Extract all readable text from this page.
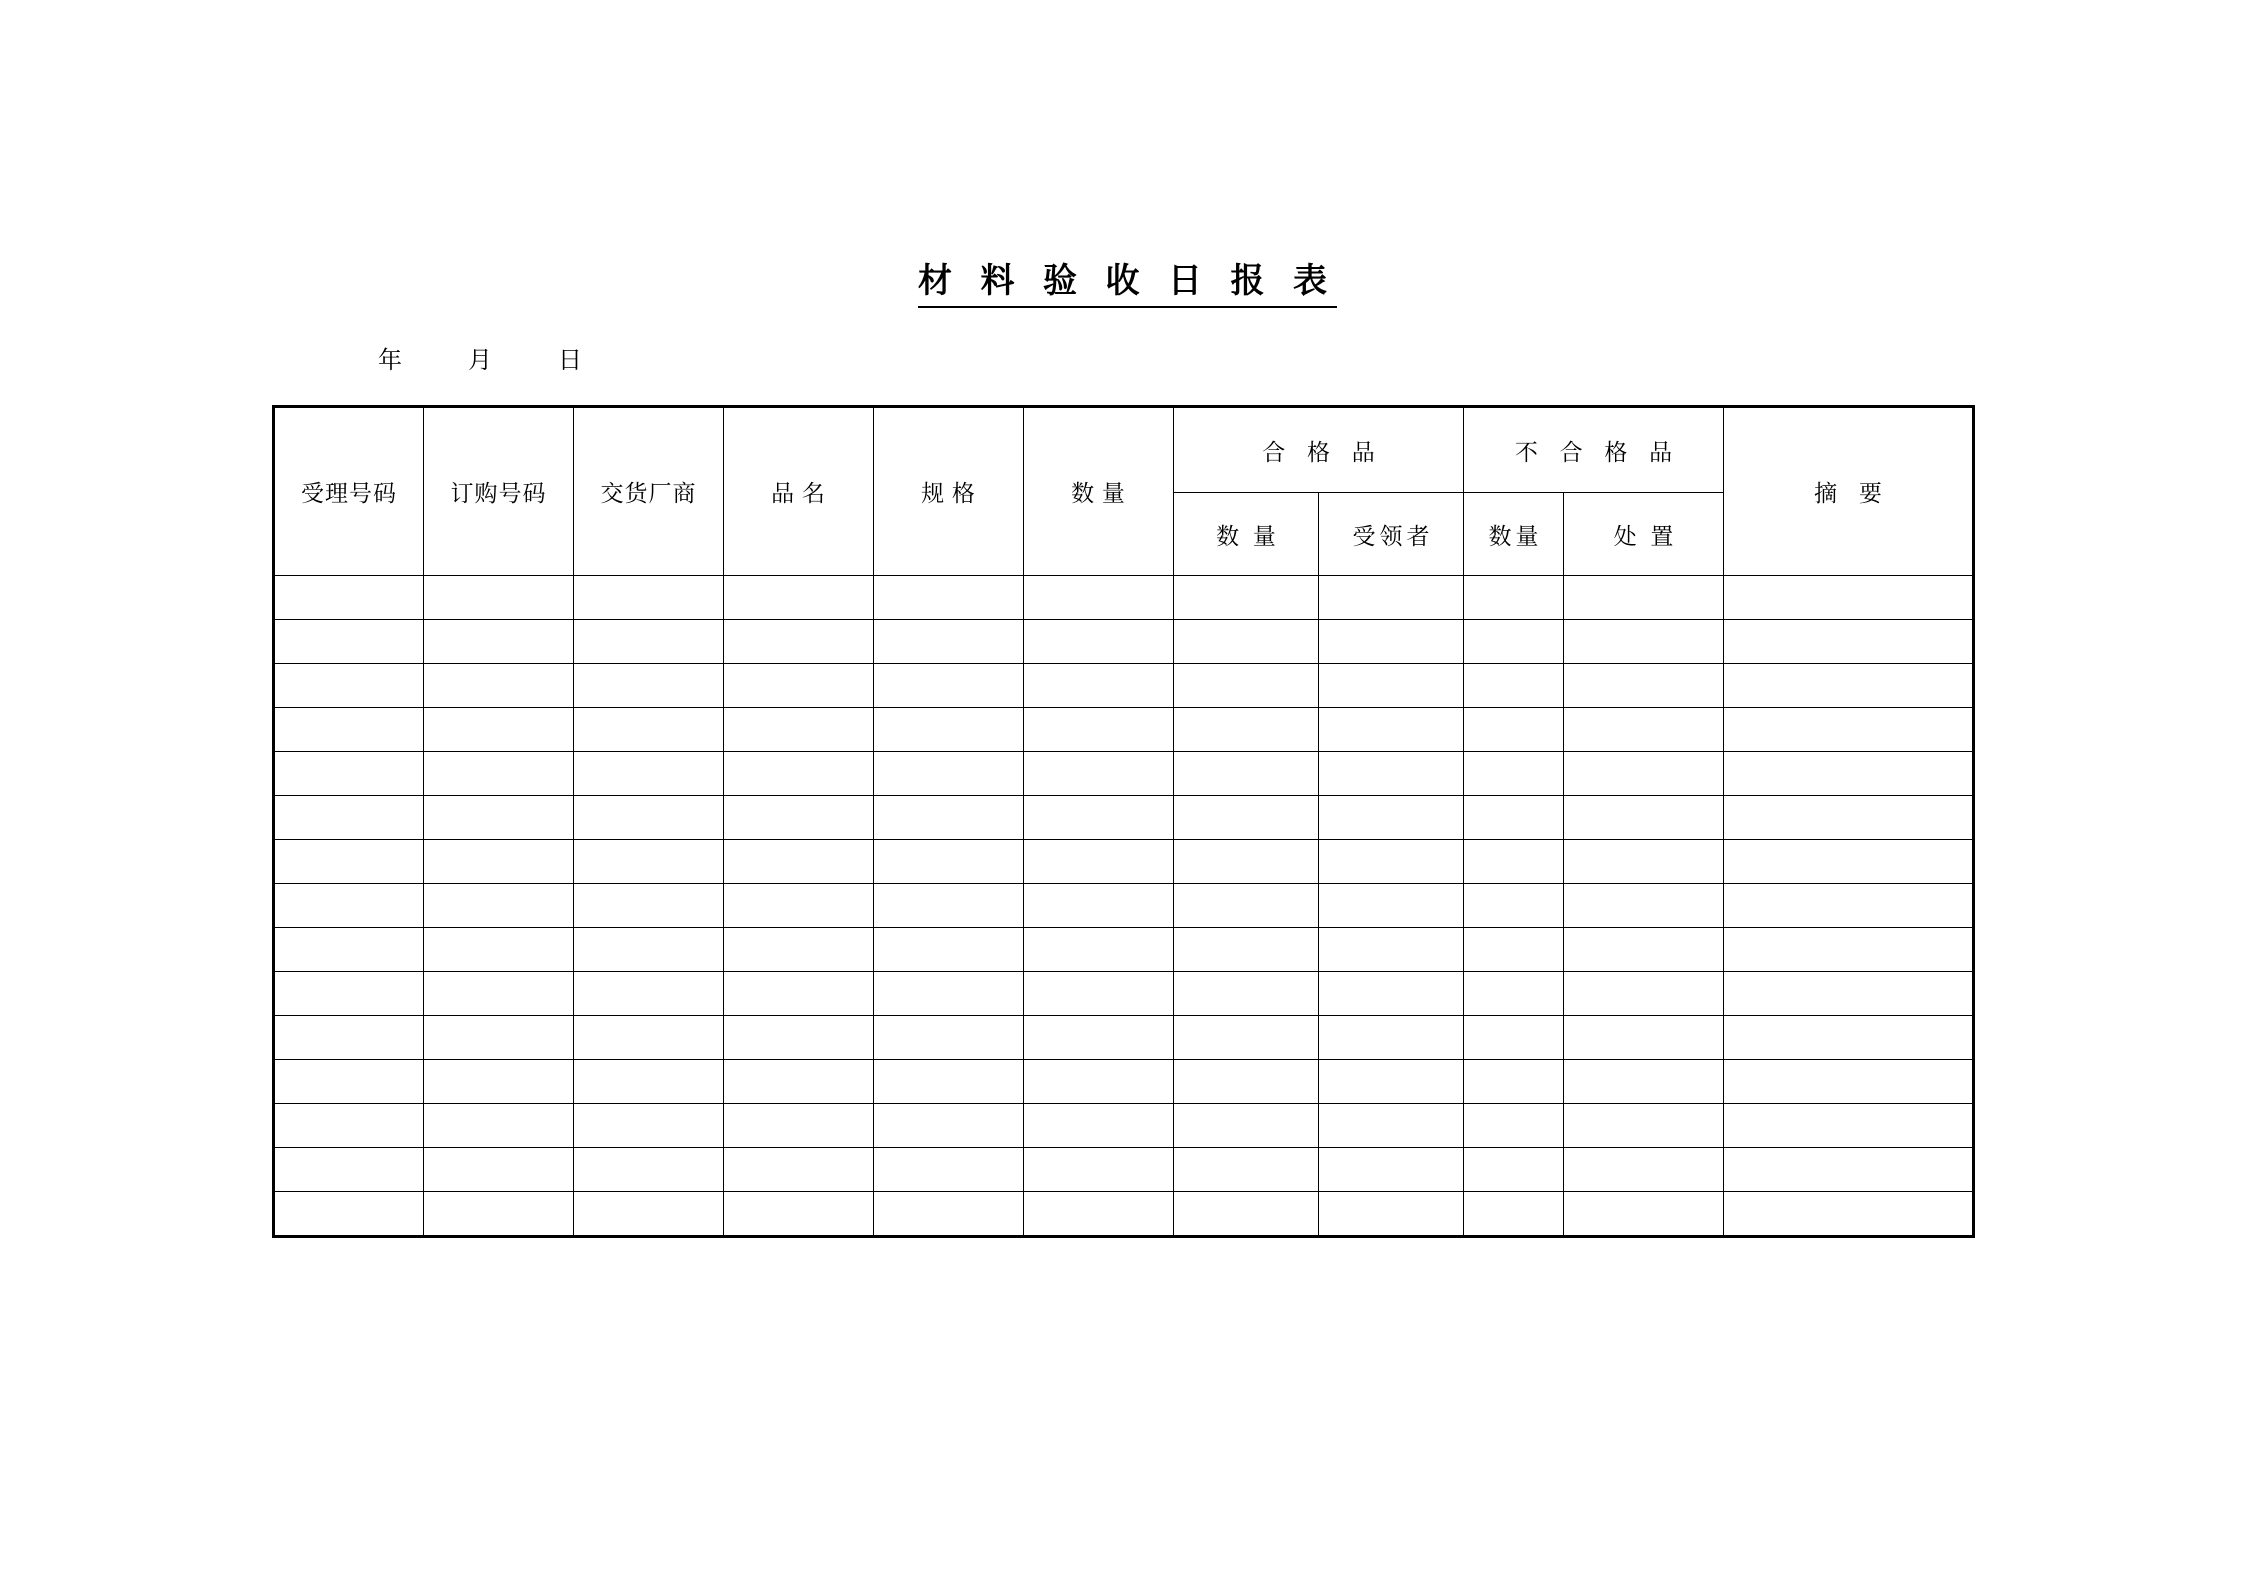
材 料 验 收 日 报 表
年        月        日
受理号码	订购号码	交货厂商	品 名	规 格	数 量	合 格 品		不 合 格 品		摘 要
						数 量	受领者	数量	处 置	
